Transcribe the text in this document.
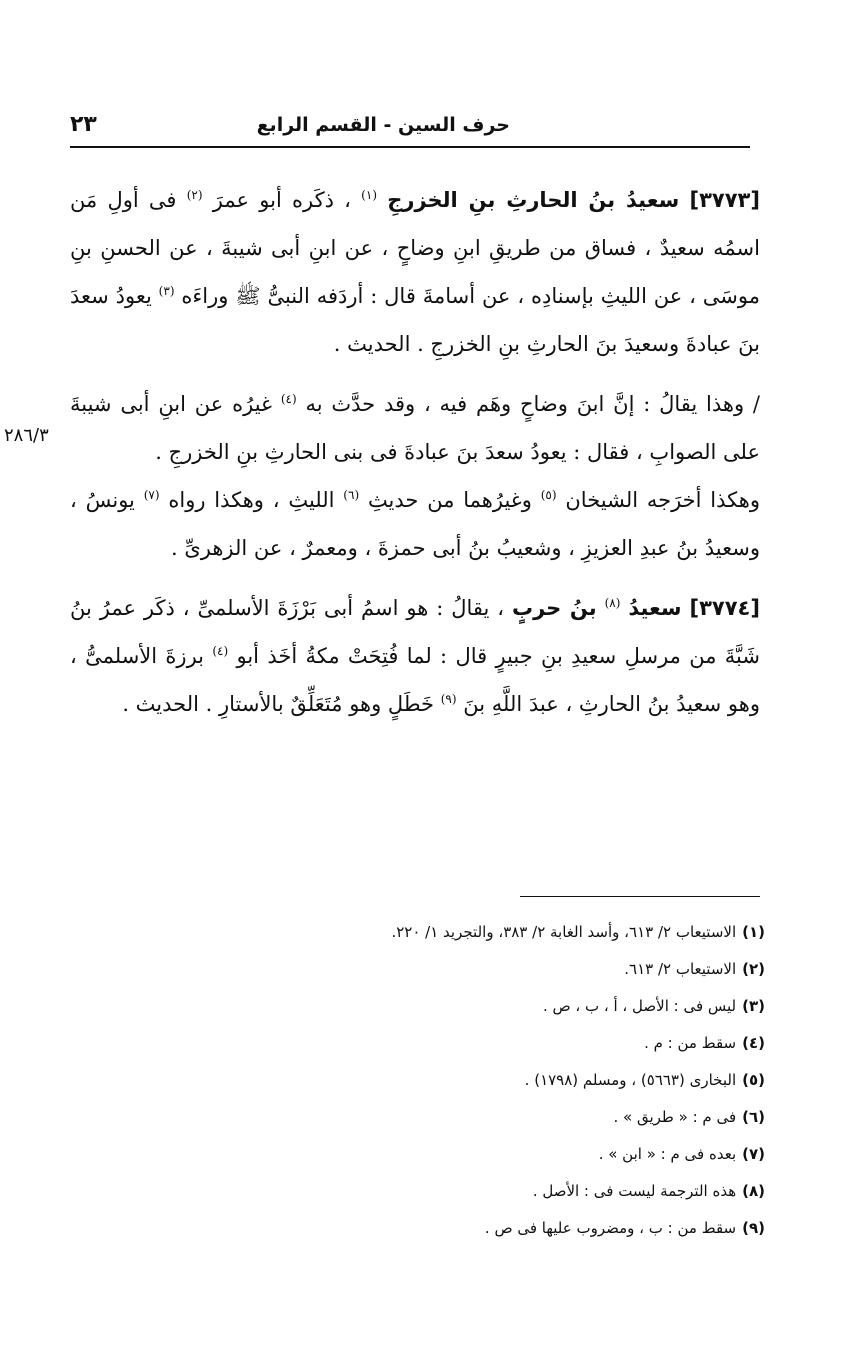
حرف السين - القسم الرابع
٢٣
٢٨٦/٣

[٣٧٧٣] سعيدُ بنُ الحارثِ بنِ الخزرجِ $^{(١)}$ ، ذكَره أبو عمرَ $^{(٢)}$ فى أولِ مَن اسمُه سعيدٌ ، فساق من طريقِ ابنِ وضاحٍ ، عن ابنِ أبى شيبةَ ، عن الحسنِ بنِ موسَى ، عن الليثِ بإسنادِه ، عن أسامةَ قال : أردَفه النبىُّ ﷺ وراءَه $^{(٣)}$ يعودُ سعدَ بنَ عبادةَ وسعيدَ بنَ الحارثِ بنِ الخزرجِ . الحديث .

/ وهذا يقالُ : إنَّ ابنَ وضاحٍ وهَم فيه ، وقد حدَّث به $^{(٤)}$ غيرُه عن ابنِ أبى شيبةَ على الصوابِ ، فقال : يعودُ سعدَ بنَ عبادةَ فى بنى الحارثِ بنِ الخزرجِ .
وهكذا أخرَجه الشيخان $^{(٥)}$ وغيرُهما من حديثِ $^{(٦)}$ الليثِ ، وهكذا رواه $^{(٧)}$ يونسُ ، وسعيدُ بنُ عبدِ العزيزِ ، وشعيبُ بنُ أبى حمزةَ ، ومعمرٌ ، عن الزهرىِّ .

[٣٧٧٤] سعيدُ $^{(٨)}$ بنُ حربٍ ، يقالُ : هو اسمُ أبى بَرْزَةَ الأسلمىِّ ، ذكَر عمرُ بنُ شَبَّةَ من مرسلِ سعيدِ بنِ جبيرٍ قال : لما فُتِحَتْ مكةُ أخَذ أبو $^{(٤)}$ برزةَ الأسلمىُّ ، وهو سعيدُ بنُ الحارثِ ، عبدَ اللَّهِ بنَ $^{(٩)}$ خَطَلٍ وهو مُتَعَلِّقٌ بالأستارِ . الحديث .

(١)الاستيعاب ٢/ ٦١٣، وأسد الغابة ٢/ ٣٨٣، والتجريد ١/ ٢٢٠.
(٢)الاستيعاب ٢/ ٦١٣.
(٣)ليس فى : الأصل ، أ ، ب ، ص .
(٤)سقط من : م .
(٥)البخارى (٥٦٦٣) ، ومسلم (١٧٩٨) .
(٦)فى م : « طريق » .
(٧)بعده فى م : « ابن » .
(٨)هذه الترجمة ليست فى : الأصل .
(٩)سقط من : ب ، ومضروب عليها فى ص .
